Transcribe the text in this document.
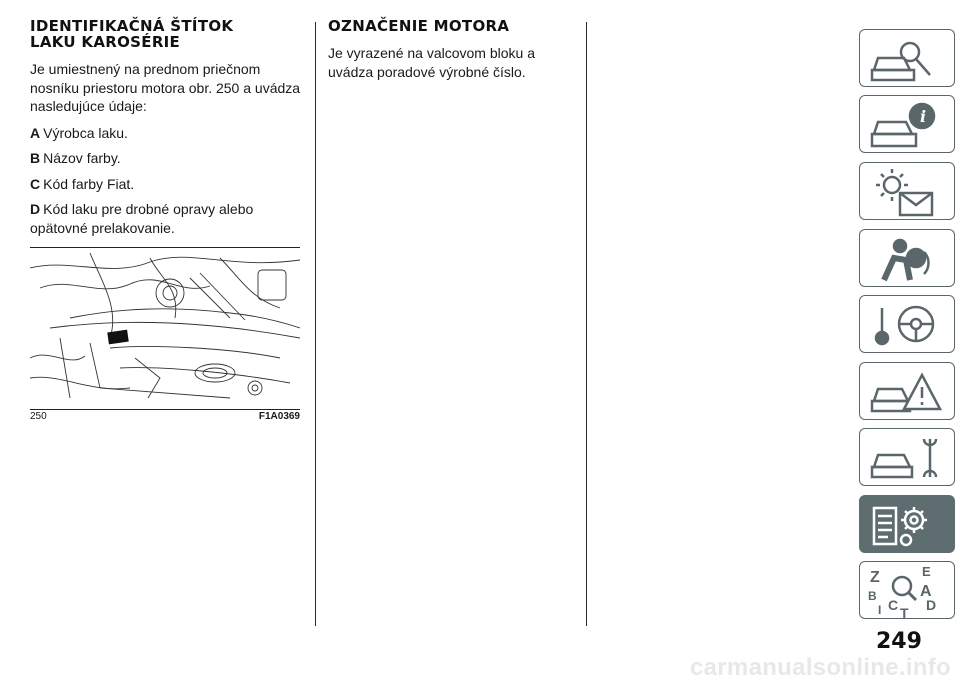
IDENTIFIKAČNÁ ŠTÍTOK
LAKU KAROSÉRIE

Je umiestnený na prednom priečnom nosníku priestoru motora obr. 250 a uvádza nasledujúce údaje:

A Výrobca laku.

B Názov farby.

C Kód farby Fiat.

D Kód laku pre drobné opravy alebo opätovné prelakovanie.

250	F1A0369
OZNAČENIE MOTORA

Je vyrazené na valcovom bloku a uvádza poradové výrobné číslo.

i
Z	E
B	A
C D
I T
249
carmanualsonline.info
